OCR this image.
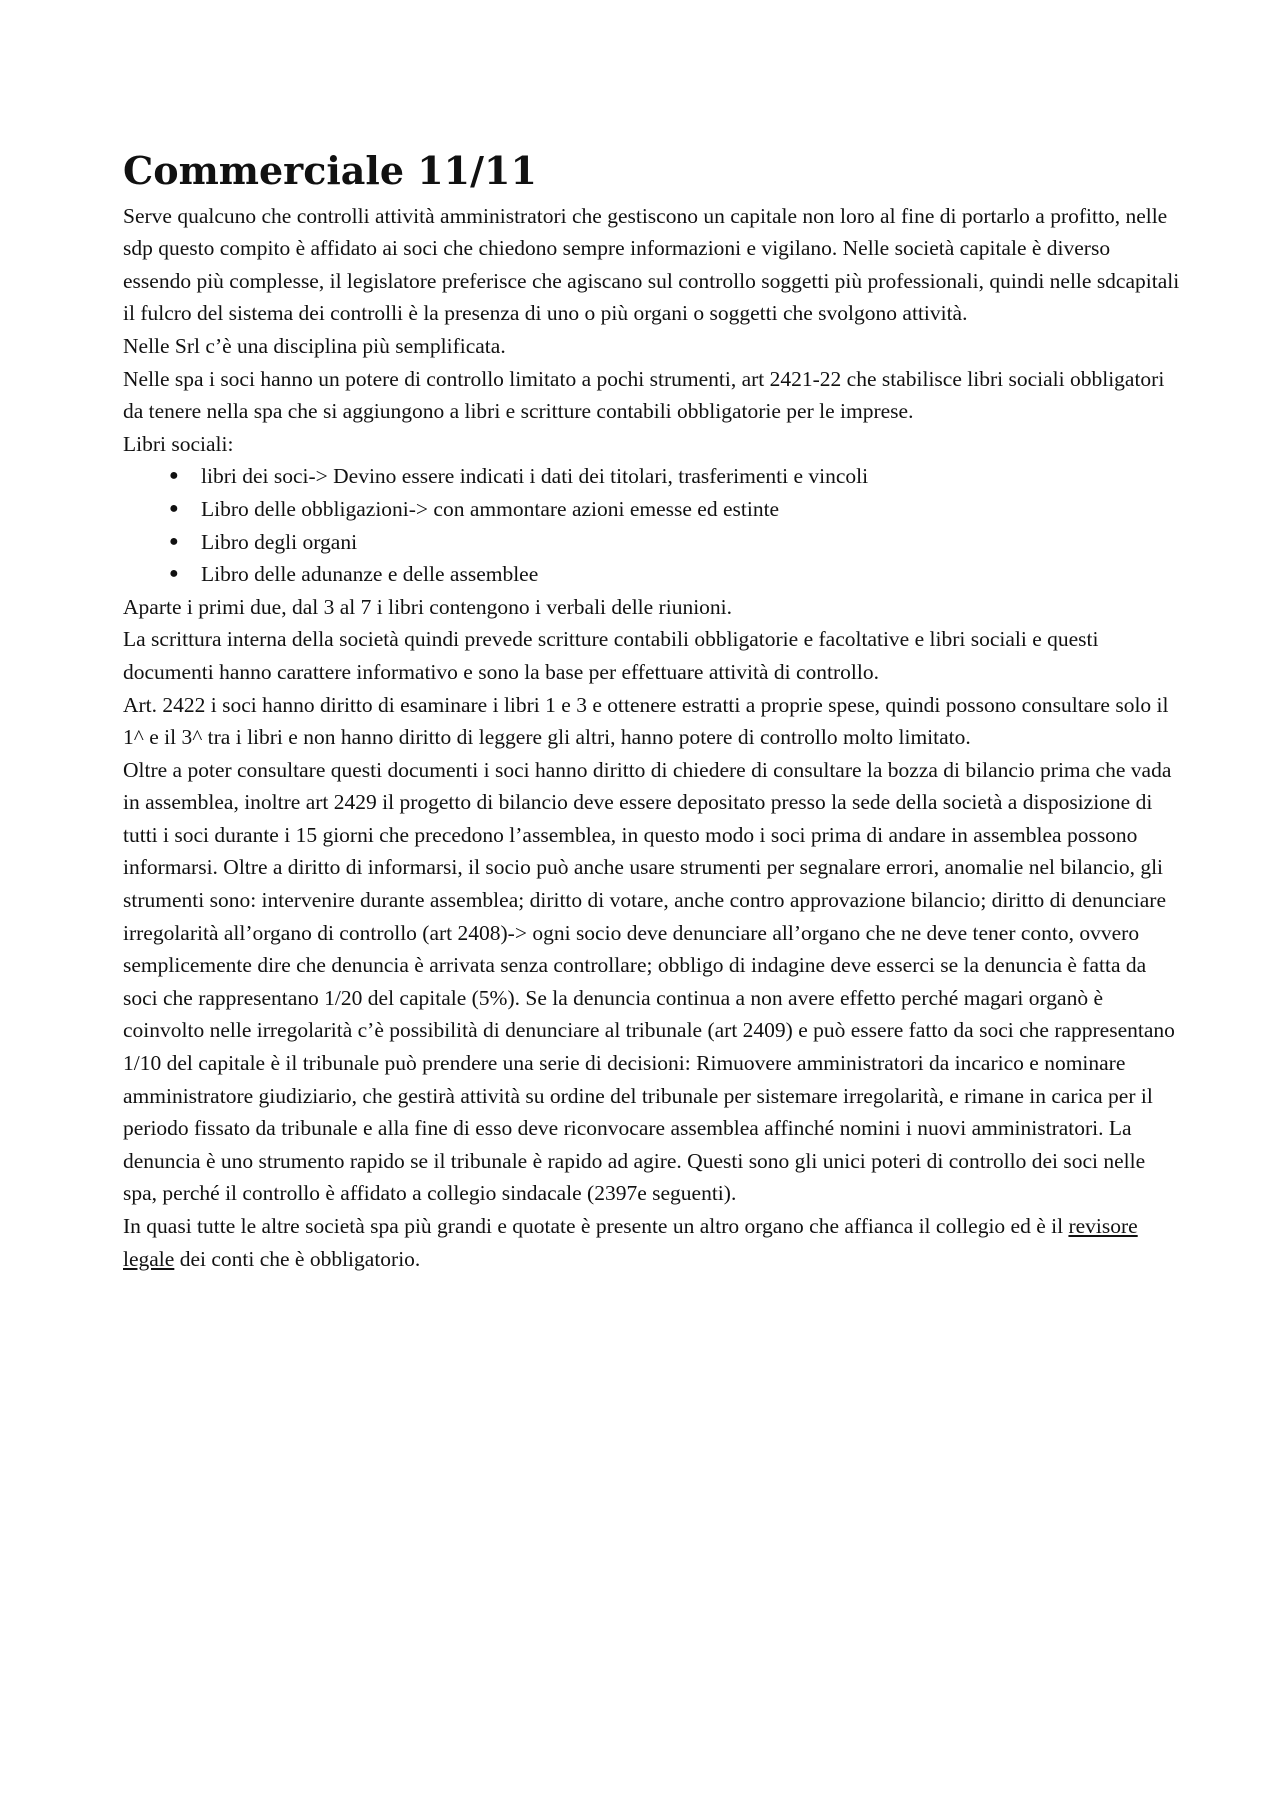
Commerciale 11/11

Serve qualcuno che controlli attività amministratori che gestiscono un capitale non loro al fine di portarlo a profitto, nelle sdp questo compito è affidato ai soci che chiedono sempre informazioni e vigilano. Nelle società capitale è diverso essendo più complesse, il legislatore preferisce che agiscano sul controllo soggetti più professionali, quindi nelle sdcapitali il fulcro del sistema dei controlli è la presenza di uno o più organi o soggetti che svolgono attività.

Nelle Srl c’è una disciplina più semplificata.

Nelle spa i soci hanno un potere di controllo limitato a pochi strumenti, art 2421-22 che stabilisce libri sociali obbligatori da tenere nella spa che si aggiungono a libri e scritture contabili obbligatorie per le imprese.

Libri sociali:

● libri dei soci-> Devino essere indicati i dati dei titolari, trasferimenti e vincoli
● Libro delle obbligazioni-> con ammontare azioni emesse ed estinte
● Libro degli organi
● Libro delle adunanze e delle assemblee

Aparte i primi due, dal 3 al 7 i libri contengono i verbali delle riunioni.

La scrittura interna della società quindi prevede scritture contabili obbligatorie e facoltative e libri sociali e questi documenti hanno carattere informativo e sono la base per effettuare attività di controllo.

Art. 2422 i soci hanno diritto di esaminare i libri 1 e 3 e ottenere estratti a proprie spese, quindi possono consultare solo il 1^ e il 3^ tra i libri e non hanno diritto di leggere gli altri, hanno potere di controllo molto limitato.

Oltre a poter consultare questi documenti i soci hanno diritto di chiedere di consultare la bozza di bilancio prima che vada in assemblea, inoltre art 2429 il progetto di bilancio deve essere depositato presso la sede della società a disposizione di tutti i soci durante i 15 giorni che precedono l’assemblea, in questo modo i soci prima di andare in assemblea possono informarsi. Oltre a diritto di informarsi, il socio può anche usare strumenti per segnalare errori, anomalie nel bilancio, gli strumenti sono: intervenire durante assemblea; diritto di votare, anche contro approvazione bilancio; diritto di denunciare irregolarità all’organo di controllo (art 2408)-> ogni socio deve denunciare all’organo che ne deve tener conto, ovvero semplicemente dire che denuncia è arrivata senza controllare; obbligo di indagine deve esserci se la denuncia è fatta da soci che rappresentano 1/20 del capitale (5%). Se la denuncia continua a non avere effetto perché magari organò è coinvolto nelle irregolarità c’è possibilità di denunciare al tribunale (art 2409) e può essere fatto da soci che rappresentano 1/10 del capitale è il tribunale può prendere una serie di decisioni: Rimuovere amministratori da incarico e nominare amministratore giudiziario, che gestirà attività su ordine del tribunale per sistemare irregolarità, e rimane in carica per il periodo fissato da tribunale e alla fine di esso deve riconvocare assemblea affinché nomini i nuovi amministratori. La denuncia è uno strumento rapido se il tribunale è rapido ad agire. Questi sono gli unici poteri di controllo dei soci nelle spa, perché il controllo è affidato a collegio sindacale (2397e seguenti).

In quasi tutte le altre società spa più grandi e quotate è presente un altro organo che affianca il collegio ed è il revisore legale dei conti che è obbligatorio.
